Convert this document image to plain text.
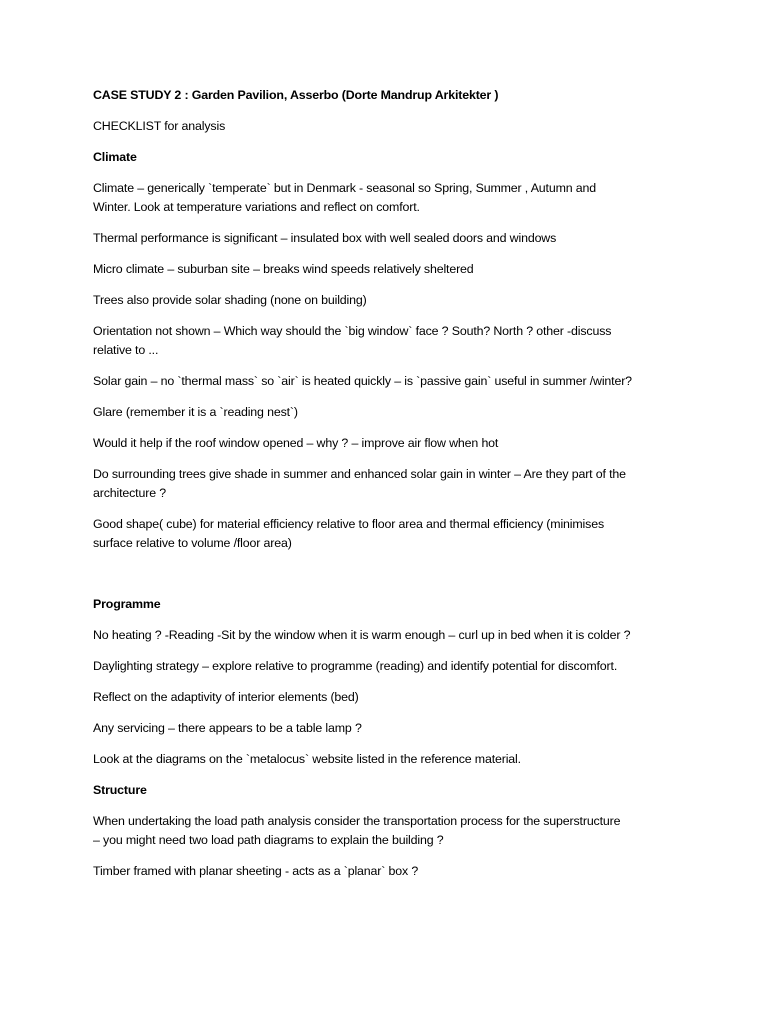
CASE STUDY 2 : Garden Pavilion, Asserbo (Dorte Mandrup Arkitekter )
CHECKLIST for analysis
Climate
Climate – generically `temperate` but in Denmark - seasonal so Spring, Summer , Autumn and
Winter. Look at temperature variations and reflect on comfort.
Thermal performance is significant – insulated box with well sealed doors and windows
Micro climate – suburban site – breaks wind speeds relatively sheltered
Trees also provide solar shading (none on building)
Orientation not shown – Which way should the `big window` face ? South? North ? other -discuss
relative to ...
Solar gain – no `thermal mass` so `air` is heated quickly – is `passive gain` useful in summer /winter?
Glare (remember it is a `reading nest`)
Would it help if the roof window opened – why ? – improve air flow when hot
Do surrounding trees give shade in summer and enhanced solar gain in winter – Are they part of the
architecture ?
Good shape( cube) for material efficiency relative to floor area and thermal efficiency (minimises
surface relative to volume /floor area)
Programme
No heating ? -Reading -Sit by the window when it is warm enough – curl up in bed when it is colder ?
Daylighting strategy – explore relative to programme (reading) and identify potential for discomfort.
Reflect on the adaptivity of interior elements (bed)
Any servicing – there appears to be a table lamp ?
Look at the diagrams on the `metalocus` website listed in the reference material.
Structure
When undertaking the load path analysis consider the transportation process for the superstructure
– you might need two load path diagrams to explain the building ?
Timber framed with planar sheeting - acts as a `planar` box ?
